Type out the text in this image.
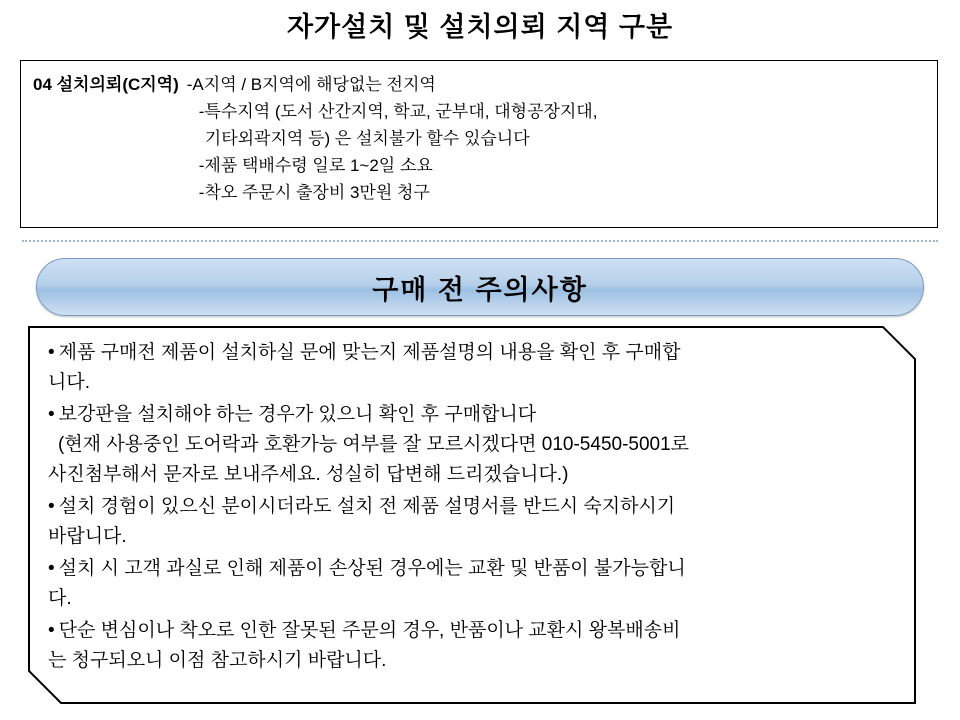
자가설치 및 설치의뢰 지역 구분
04 설치의뢰(C지역) -A지역 / B지역에 해당없는 전지역
-특수지역 (도서 산간지역, 학교, 군부대, 대형공장지대,
기타외곽지역 등) 은 설치불가 할수 있습니다
-제품 택배수령 일로 1~2일 소요
-착오 주문시 출장비 3만원 청구
구매 전 주의사항
• 제품 구매전 제품이 설치하실 문에 맞는지 제품설명의 내용을 확인 후 구매합
니다.
• 보강판을 설치해야 하는 경우가 있으니 확인 후 구매합니다
(현재 사용중인 도어락과 호환가능 여부를 잘 모르시겠다면 010-5450-5001로
사진첨부해서 문자로 보내주세요. 성실히 답변해 드리겠습니다.)
• 설치 경험이 있으신 분이시더라도 설치 전 제품 설명서를 반드시 숙지하시기
바랍니다.
• 설치 시 고객 과실로 인해 제품이 손상된 경우에는 교환 및 반품이 불가능합니
다.
• 단순 변심이나 착오로 인한 잘못된 주문의 경우, 반품이나 교환시 왕복배송비
는 청구되오니 이점 참고하시기 바랍니다.
